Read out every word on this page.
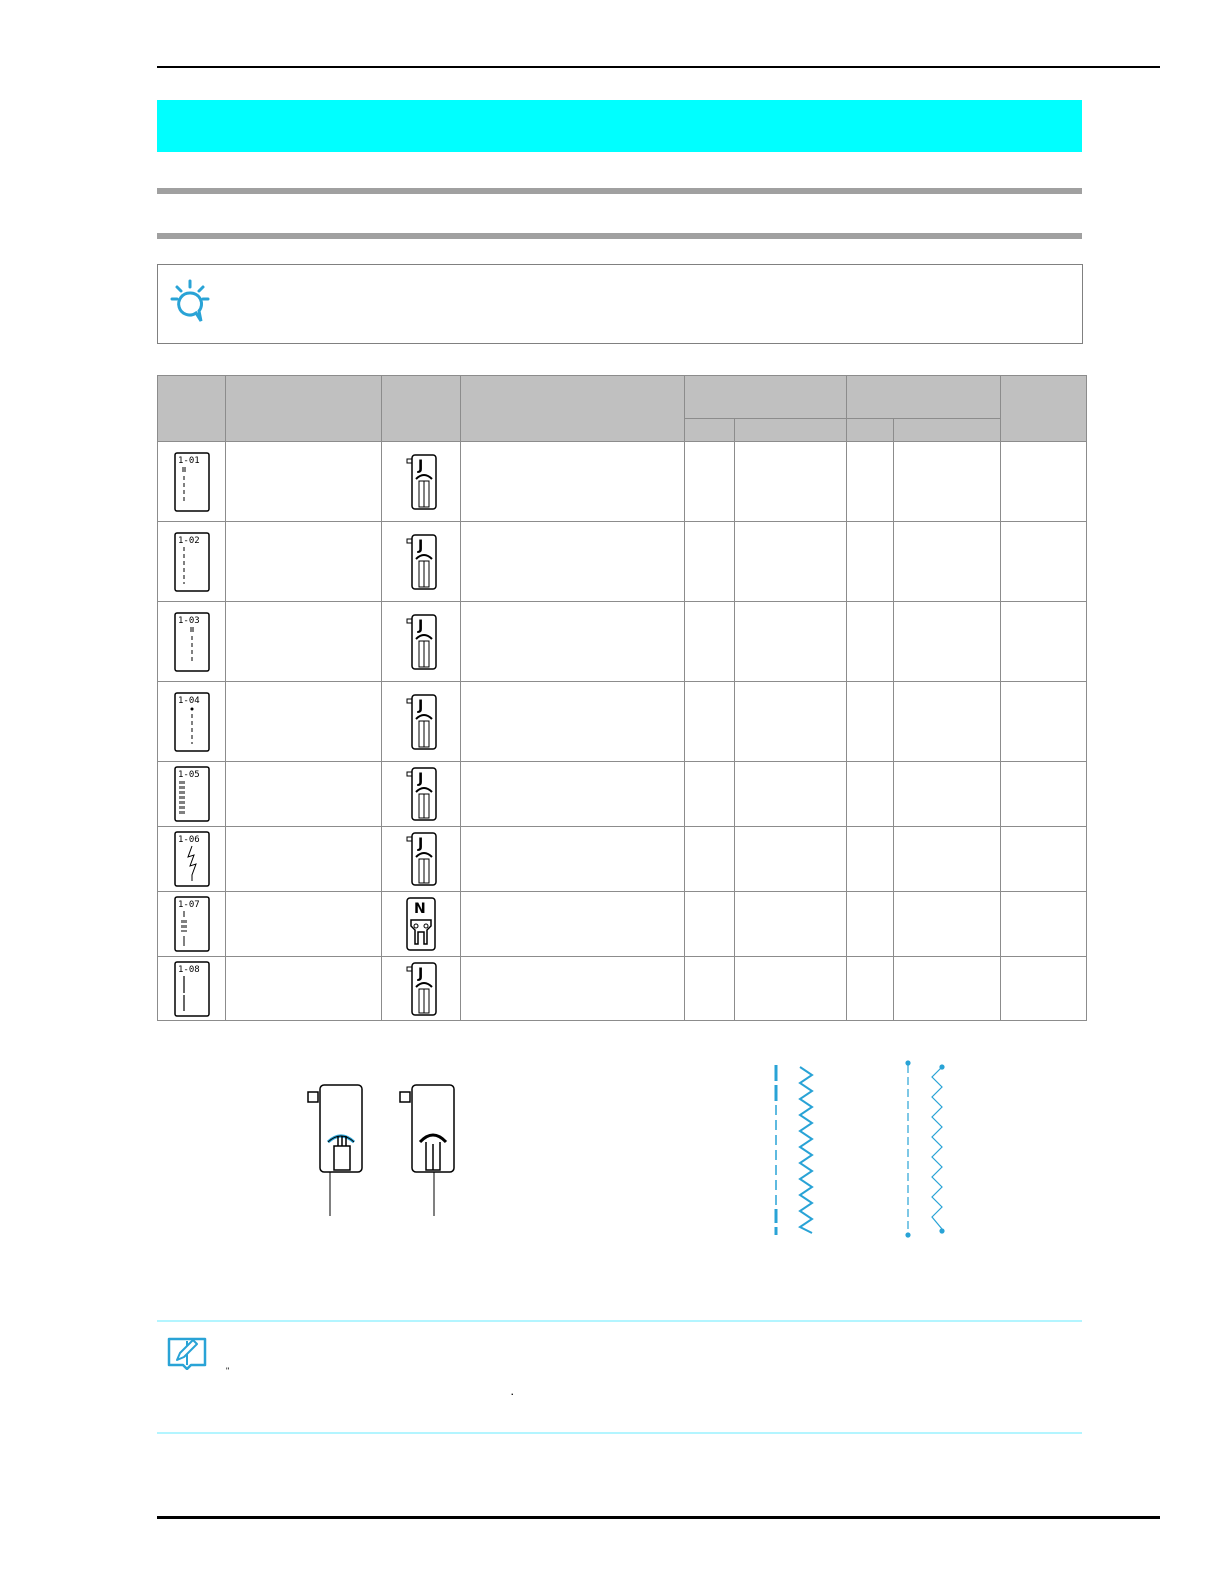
1-01		J						

1-02		J						

1-03		J						

1-04		J						

1-05		J						

1-06		J						

1-07		N						

1-08		J						

"
.
